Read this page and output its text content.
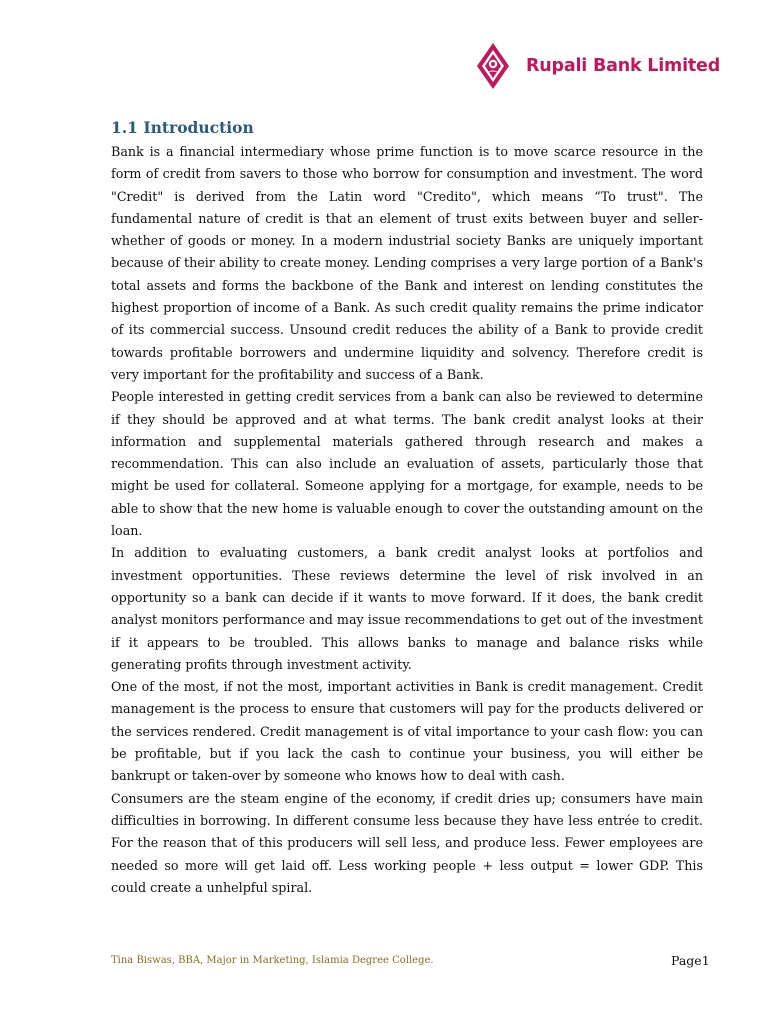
Rupali Bank Limited
1.1 Introduction

Bank is a financial intermediary whose prime function is to move scarce resource in the form of credit from savers to those who borrow for consumption and investment. The word "Credit" is derived from the Latin word "Credito", which means “To trust". The fundamental nature of credit is that an element of trust exits between buyer and seller-whether of goods or money. In a modern industrial society Banks are uniquely important because of their ability to create money. Lending comprises a very large portion of a Bank's total assets and forms the backbone of the Bank and interest on lending constitutes the highest proportion of income of a Bank. As such credit quality remains the prime indicator of its commercial success. Unsound credit reduces the ability of a Bank to provide credit towards profitable borrowers and undermine liquidity and solvency. Therefore credit is very important for the profitability and success of a Bank.

People interested in getting credit services from a bank can also be reviewed to determine if they should be approved and at what terms. The bank credit analyst looks at their information and supplemental materials gathered through research and makes a recommendation. This can also include an evaluation of assets, particularly those that might be used for collateral. Someone applying for a mortgage, for example, needs to be able to show that the new home is valuable enough to cover the outstanding amount on the loan.

In addition to evaluating customers, a bank credit analyst looks at portfolios and investment opportunities. These reviews determine the level of risk involved in an opportunity so a bank can decide if it wants to move forward. If it does, the bank credit analyst monitors performance and may issue recommendations to get out of the investment if it appears to be troubled. This allows banks to manage and balance risks while generating profits through investment activity.

One of the most, if not the most, important activities in Bank is credit management. Credit management is the process to ensure that customers will pay for the products delivered or the services rendered. Credit management is of vital importance to your cash flow: you can be profitable, but if you lack the cash to continue your business, you will either be bankrupt or taken-over by someone who knows how to deal with cash.

Consumers are the steam engine of the economy, if credit dries up; consumers have main difficulties in borrowing. In different consume less because they have less entrée to credit. For the reason that of this producers will sell less, and produce less. Fewer employees are needed so more will get laid off. Less working people + less output = lower GDP. This could create a unhelpful spiral.

Tina Biswas, BBA, Major in Marketing, Islamia Degree College.	Page1
